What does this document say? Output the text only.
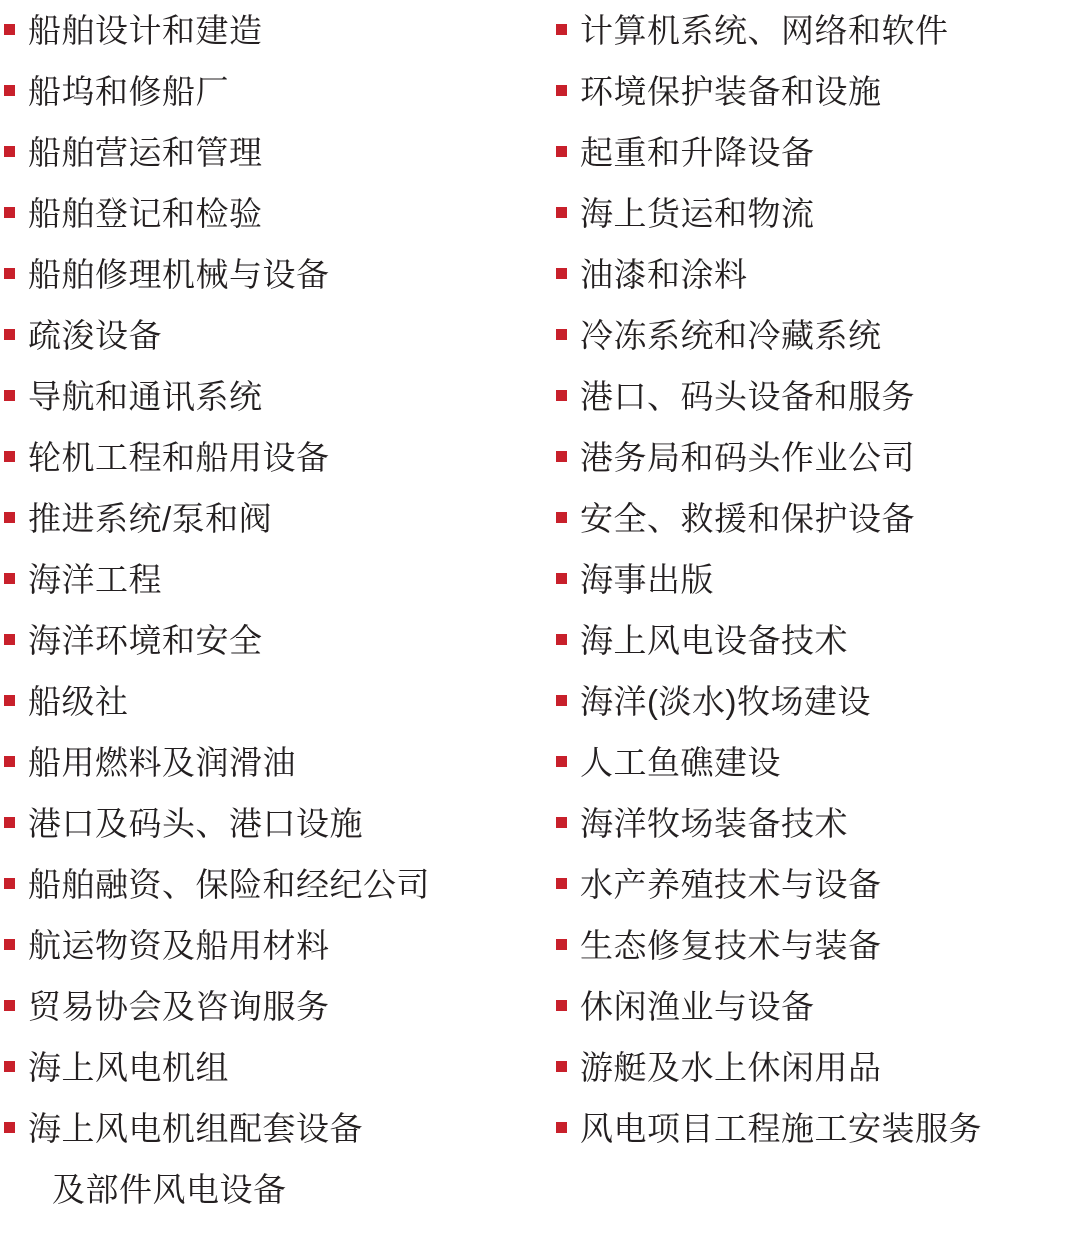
船舶设计和建造
船坞和修船厂
船舶营运和管理
船舶登记和检验
船舶修理机械与设备
疏浚设备
导航和通讯系统
轮机工程和船用设备
推进系统/泵和阀
海洋工程
海洋环境和安全
船级社
船用燃料及润滑油
港口及码头、港口设施
船舶融资、保险和经纪公司
航运物资及船用材料
贸易协会及咨询服务
海上风电机组
海上风电机组配套设备
及部件风电设备
计算机系统、网络和软件
环境保护装备和设施
起重和升降设备
海上货运和物流
油漆和涂料
冷冻系统和冷藏系统
港口、码头设备和服务
港务局和码头作业公司
安全、救援和保护设备
海事出版
海上风电设备技术
海洋(淡水)牧场建设
人工鱼礁建设
海洋牧场装备技术
水产养殖技术与设备
生态修复技术与装备
休闲渔业与设备
游艇及水上休闲用品
风电项目工程施工安装服务
